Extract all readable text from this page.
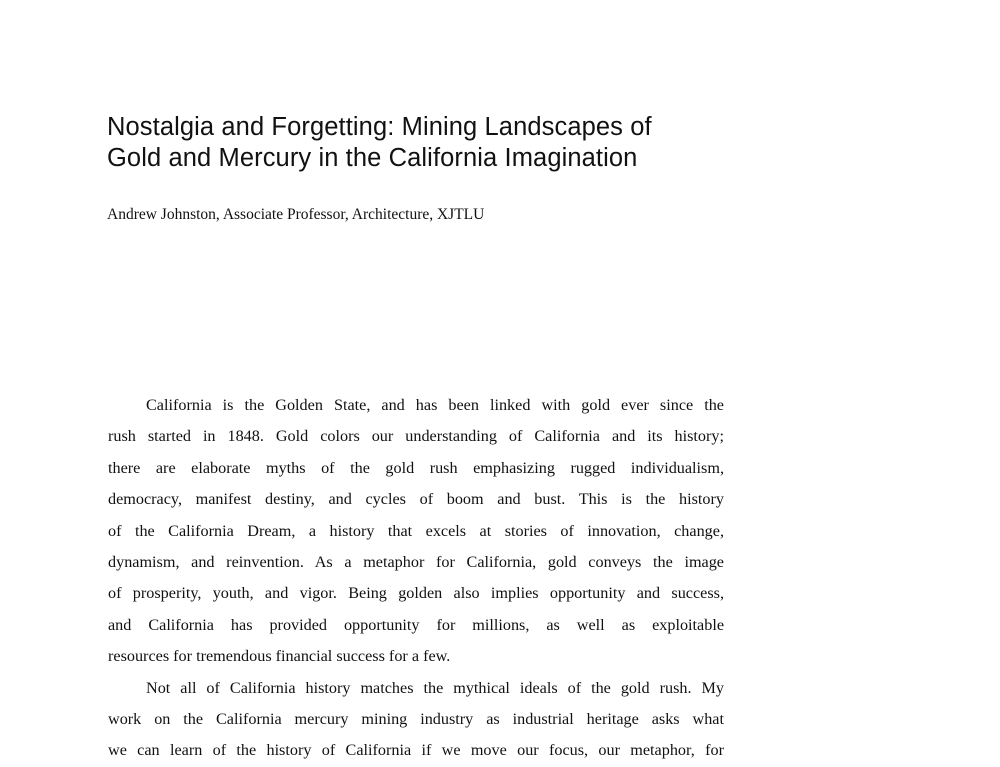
Nostalgia and Forgetting: Mining Landscapes of
Gold and Mercury in the California Imagination

Andrew Johnston, Associate Professor, Architecture, XJTLU

California is the Golden State, and has been linked with gold ever since the
rush started in 1848. Gold colors our understanding of California and its history;
there are elaborate myths of the gold rush emphasizing rugged individualism,
democracy, manifest destiny, and cycles of boom and bust. This is the history
of the California Dream, a history that excels at stories of innovation, change,
dynamism, and reinvention. As a metaphor for California, gold conveys the image
of prosperity, youth, and vigor. Being golden also implies opportunity and success,
and California has provided opportunity for millions, as well as exploitable
resources for tremendous financial success for a few.
Not all of California history matches the mythical ideals of the gold rush. My
work on the California mercury mining industry as industrial heritage asks what
we can learn of the history of California if we move our focus, our metaphor, for
